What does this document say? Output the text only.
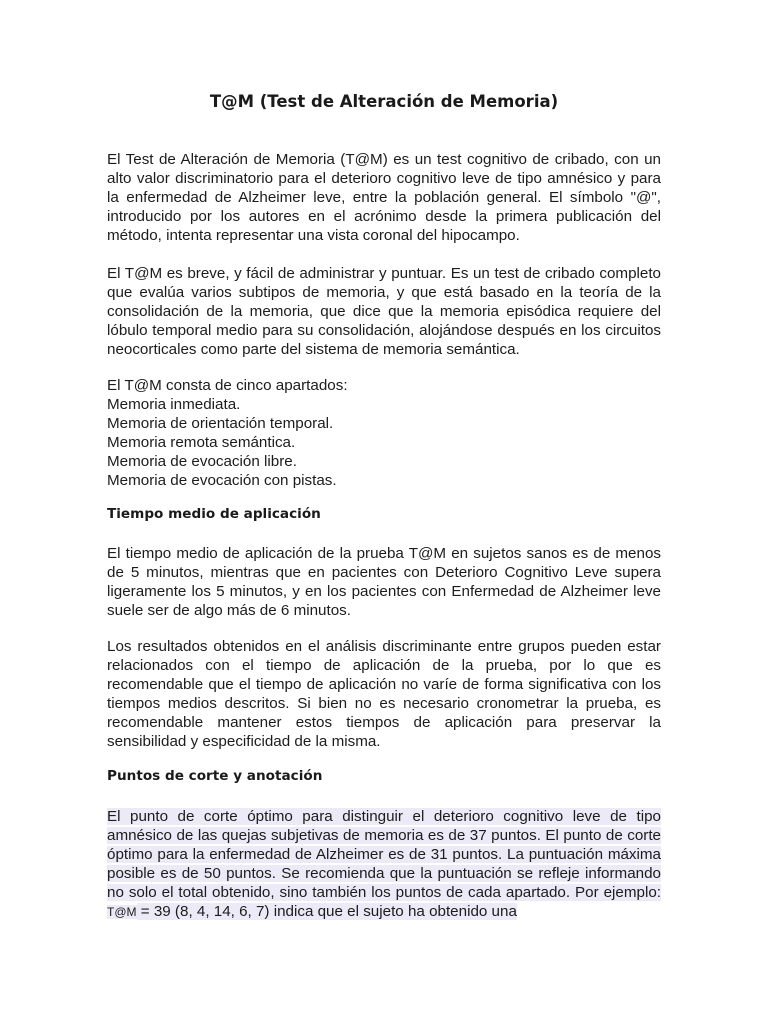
T@M (Test de Alteración de Memoria)

El Test de Alteración de Memoria (T@M) es un test cognitivo de cribado, con un alto valor discriminatorio para el deterioro cognitivo leve de tipo amnésico y para la enfermedad de Alzheimer leve, entre la población general. El símbolo "@", introducido por los autores en el acrónimo desde la primera publicación del método, intenta representar una vista coronal del hipocampo.

El T@M es breve, y fácil de administrar y puntuar. Es un test de cribado completo que evalúa varios subtipos de memoria, y que está basado en la teoría de la consolidación de la memoria, que dice que la memoria episódica requiere del lóbulo temporal medio para su consolidación, alojándose después en los circuitos neocorticales como parte del sistema de memoria semántica.

El T@M consta de cinco apartados:
Memoria inmediata.
Memoria de orientación temporal.
Memoria remota semántica.
Memoria de evocación libre.
Memoria de evocación con pistas.
Tiempo medio de aplicación

El tiempo medio de aplicación de la prueba T@M en sujetos sanos es de menos de 5 minutos, mientras que en pacientes con Deterioro Cognitivo Leve supera ligeramente los 5 minutos, y en los pacientes con Enfermedad de Alzheimer leve suele ser de algo más de 6 minutos.

Los resultados obtenidos en el análisis discriminante entre grupos pueden estar relacionados con el tiempo de aplicación de la prueba, por lo que es recomendable que el tiempo de aplicación no varíe de forma significativa con los tiempos medios descritos. Si bien no es necesario cronometrar la prueba, es recomendable mantener estos tiempos de aplicación para preservar la sensibilidad y especificidad de la misma.

Puntos de corte y anotación

El punto de corte óptimo para distinguir el deterioro cognitivo leve de tipo amnésico de las quejas subjetivas de memoria es de 37 puntos. El punto de corte óptimo para la enfermedad de Alzheimer es de 31 puntos. La puntuación máxima posible es de 50 puntos. Se recomienda que la puntuación se refleje informando no solo el total obtenido, sino también los puntos de cada apartado. Por ejemplo: T@M = 39 (8, 4, 14, 6, 7) indica que el sujeto ha obtenido una
